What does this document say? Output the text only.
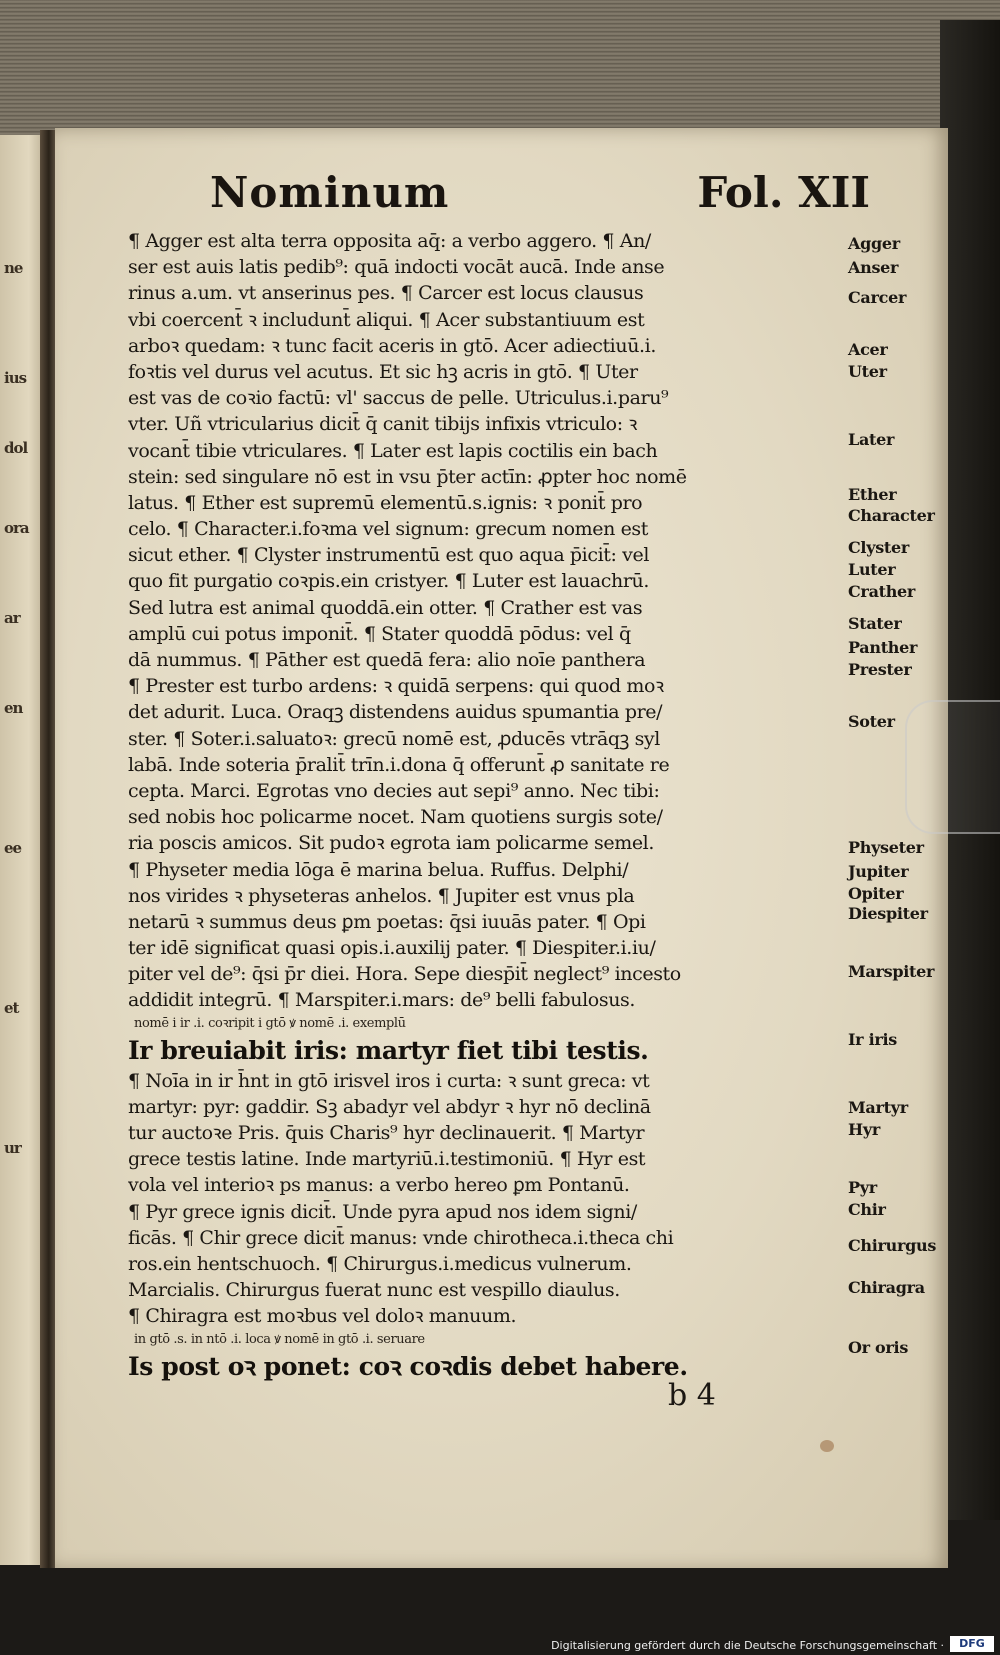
ne
ius
dol
ora
ar
en
ee
et
ur
Nominum	Fol. XII
¶ Agger est alta terra opposita aq̄: a verbo aggero. ¶ An/
ser est auis latis pedib⁹: quā indocti vocāt aucā. Inde anse
rinus a.um. vt anserinus pes. ¶ Carcer est locus clausus
vbi coercent̄ ꝛ includunt̄ aliqui. ¶ Acer substantiuum est
arboꝛ quedam: ꝛ tunc facit aceris in gtō. Acer adiectiuū.i.
foꝛtis vel durus vel acutus. Et sic hꝫ acris in gtō. ¶ Uter
est vas de coꝛio factū: vl' saccus de pelle. Utriculus.i.paru⁹
vter. Uñ vtricularius dicit̄ q̄ canit tibijs infixis vtriculo: ꝛ
vocant̄ tibie vtriculares. ¶ Later est lapis coctilis ein bach
stein: sed singulare nō est in vsu p̄ter actīn: ꝓpter hoc nomē
latus. ¶ Ether est supremū elementū.s.ignis: ꝛ ponit̄ pro
celo. ¶ Character.i.foꝛma vel signum: grecum nomen est
sicut ether. ¶ Clyster instrumentū est quo aqua p̄icit̄: vel
quo fit purgatio coꝛpis.ein cristyer. ¶ Luter est lauachrū.
Sed lutra est animal quoddā.ein otter. ¶ Crather est vas
amplū cui potus imponit̄. ¶ Stater quoddā pōdus: vel q̄
dā nummus. ¶ Pāther est quedā fera: alio noīe panthera
¶ Prester est turbo ardens: ꝛ quidā serpens: qui quod moꝛ
det adurit. Luca. Oraqꝫ distendens auidus spumantia pre/
ster. ¶ Soter.i.saluatoꝛ: grecū nomē est, ꝓducēs vtrāqꝫ syl
labā. Inde soteria p̄ralit̄ trīn.i.dona q̄ offerunt̄ ꝓ sanitate re
cepta. Marci. Egrotas vno decies aut sepi⁹ anno. Nec tibi:
sed nobis hoc policarme nocet. Nam quotiens surgis sote/
ria poscis amicos. Sit pudoꝛ egrota iam policarme semel.
¶ Physeter media lōga ē marina belua. Ruffus. Delphi/
nos virides ꝛ physeteras anhelos. ¶ Jupiter est vnus pla
netarū ꝛ summus deus ꝑm poetas: q̄si iuuās pater. ¶ Opi
ter idē significat quasi opis.i.auxilij pater. ¶ Diespiter.i.iu/
piter vel de⁹: q̄si p̄r diei. Hora. Sepe diesp̄it̄ neglect⁹ incesto
addidit integrū. ¶ Marspiter.i.mars: de⁹ belli fabulosus.
nomē i ir .i. coꝛripit i gtō ꝟ nomē .i. exemplū
Ir breuiabit iris: martyr fiet tibi testis.
¶ Noīa in ir h̄nt in gtō irisvel iros i curta: ꝛ sunt greca: vt
martyr: pyr: gaddir. Sꝫ abadyr vel abdyr ꝛ hyr nō declinā
tur auctoꝛe Pris. q̄uis Charis⁹ hyr declinauerit. ¶ Martyr
grece testis latine. Inde martyriū.i.testimoniū. ¶ Hyr est
vola vel interioꝛ ps manus: a verbo hereo ꝑm Pontanū.
¶ Pyr grece ignis dicit̄. Unde pyra apud nos idem signi/
ficās. ¶ Chir grece dicit̄ manus: vnde chirotheca.i.theca chi
ros.ein hentschuoch. ¶ Chirurgus.i.medicus vulnerum.
Marcialis. Chirurgus fuerat nunc est vespillo diaulus.
¶ Chiragra est moꝛbus vel doloꝛ manuum.
in gtō .s. in ntō .i. loca ꝟ nomē in gtō .i. seruare
Is post oꝛ ponet: coꝛ coꝛdis debet habere.
Agger
Anser
Carcer
Acer
Uter
Later
Ether
Character
Clyster
Luter
Crather
Stater
Panther
Prester
Soter
Physeter
Jupiter
Opiter
Diespiter
Marspiter
Ir iris
Martyr
Hyr
Pyr
Chir
Chirurgus
Chiragra
Or oris
b 4
Digitalisierung gefördert durch die Deutsche Forschungsgemeinschaft ·	DFG
